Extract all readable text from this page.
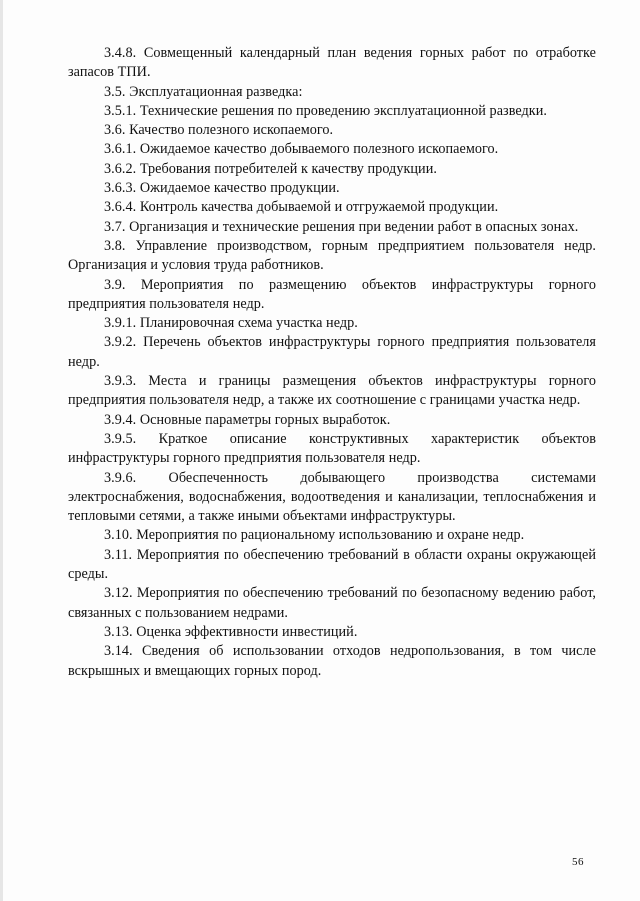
3.4.8. Совмещенный календарный план ведения горных работ по отработке запасов ТПИ.

3.5. Эксплуатационная разведка:

3.5.1. Технические решения по проведению эксплуатационной разведки.

3.6. Качество полезного ископаемого.

3.6.1. Ожидаемое качество добываемого полезного ископаемого.

3.6.2. Требования потребителей к качеству продукции.

3.6.3. Ожидаемое качество продукции.

3.6.4. Контроль качества добываемой и отгружаемой продукции.

3.7. Организация и технические решения при ведении работ в опасных зонах.

3.8. Управление производством, горным предприятием пользователя недр. Организация и условия труда работников.

3.9. Мероприятия по размещению объектов инфраструктуры горного предприятия пользователя недр.

3.9.1. Планировочная схема участка недр.

3.9.2. Перечень объектов инфраструктуры горного предприятия пользователя недр.

3.9.3. Места и границы размещения объектов инфраструктуры горного предприятия пользователя недр, а также их соотношение с границами участка недр.

3.9.4. Основные параметры горных выработок.

3.9.5. Краткое описание конструктивных характеристик объектов инфраструктуры горного предприятия пользователя недр.

3.9.6. Обеспеченность добывающего производства системами электроснабжения, водоснабжения, водоотведения и канализации, теплоснабжения и тепловыми сетями, а также иными объектами инфраструктуры.

3.10. Мероприятия по рациональному использованию и охране недр.

3.11. Мероприятия по обеспечению требований в области охраны окружающей среды.

3.12. Мероприятия по обеспечению требований по безопасному ведению работ, связанных с пользованием недрами.

3.13. Оценка эффективности инвестиций.

3.14. Сведения об использовании отходов недропользования, в том числе вскрышных и вмещающих горных пород.

56
